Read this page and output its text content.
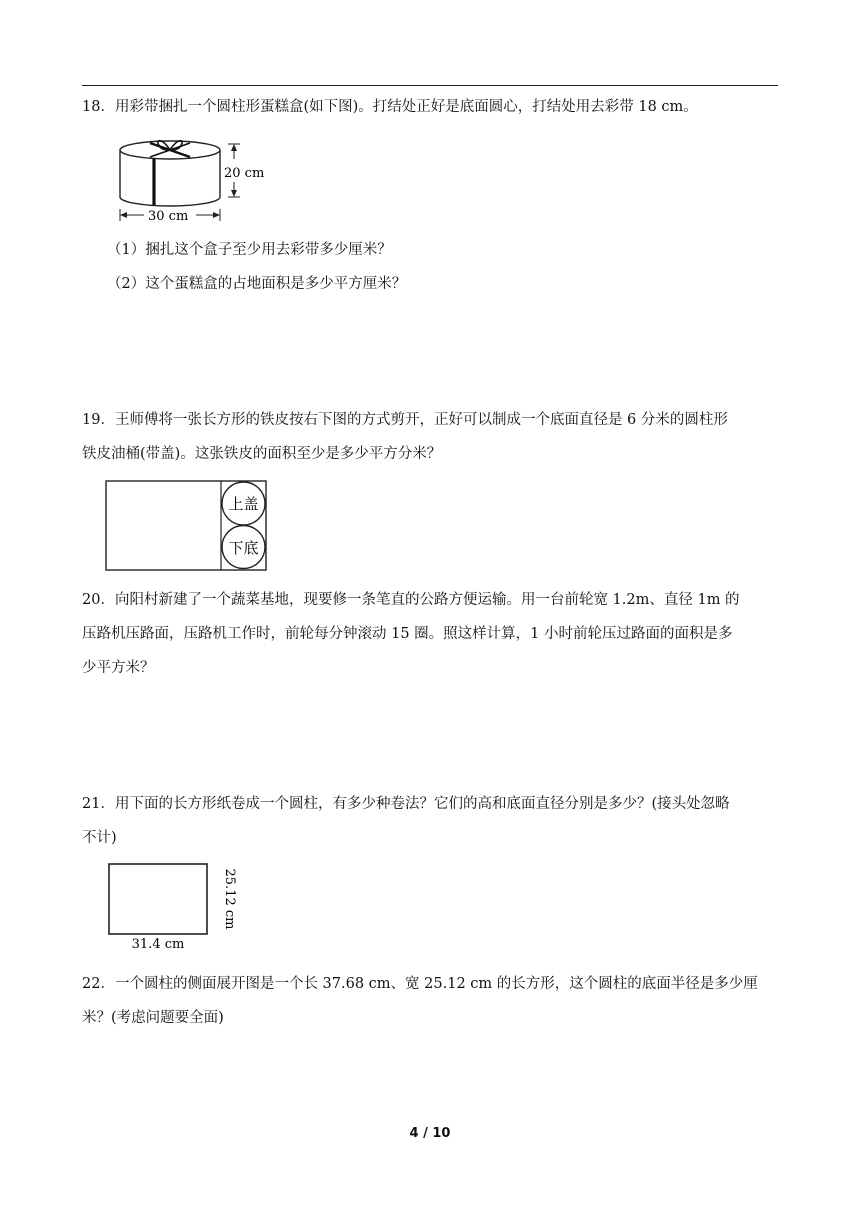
18．用彩带捆扎一个圆柱形蛋糕盒(如下图)。打结处正好是底面圆心，打结处用去彩带 18 cm。
20 cm
30 cm
（1）捆扎这个盒子至少用去彩带多少厘米？
（2）这个蛋糕盒的占地面积是多少平方厘米？
19．王师傅将一张长方形的铁皮按右下图的方式剪开，正好可以制成一个底面直径是 6 分米的圆柱形
铁皮油桶(带盖)。这张铁皮的面积至少是多少平方分米？
上盖
下底
20．向阳村新建了一个蔬菜基地，现要修一条笔直的公路方便运输。用一台前轮宽 1.2m、直径 1m 的
压路机压路面，压路机工作时，前轮每分钟滚动 15 圈。照这样计算，1 小时前轮压过路面的面积是多
少平方米？
21．用下面的长方形纸卷成一个圆柱，有多少种卷法？它们的高和底面直径分别是多少？(接头处忽略
不计)
31.4 cm
25.12 cm
22．一个圆柱的侧面展开图是一个长 37.68 cm、宽 25.12 cm 的长方形，这个圆柱的底面半径是多少厘
米？(考虑问题要全面)
4 / 10
